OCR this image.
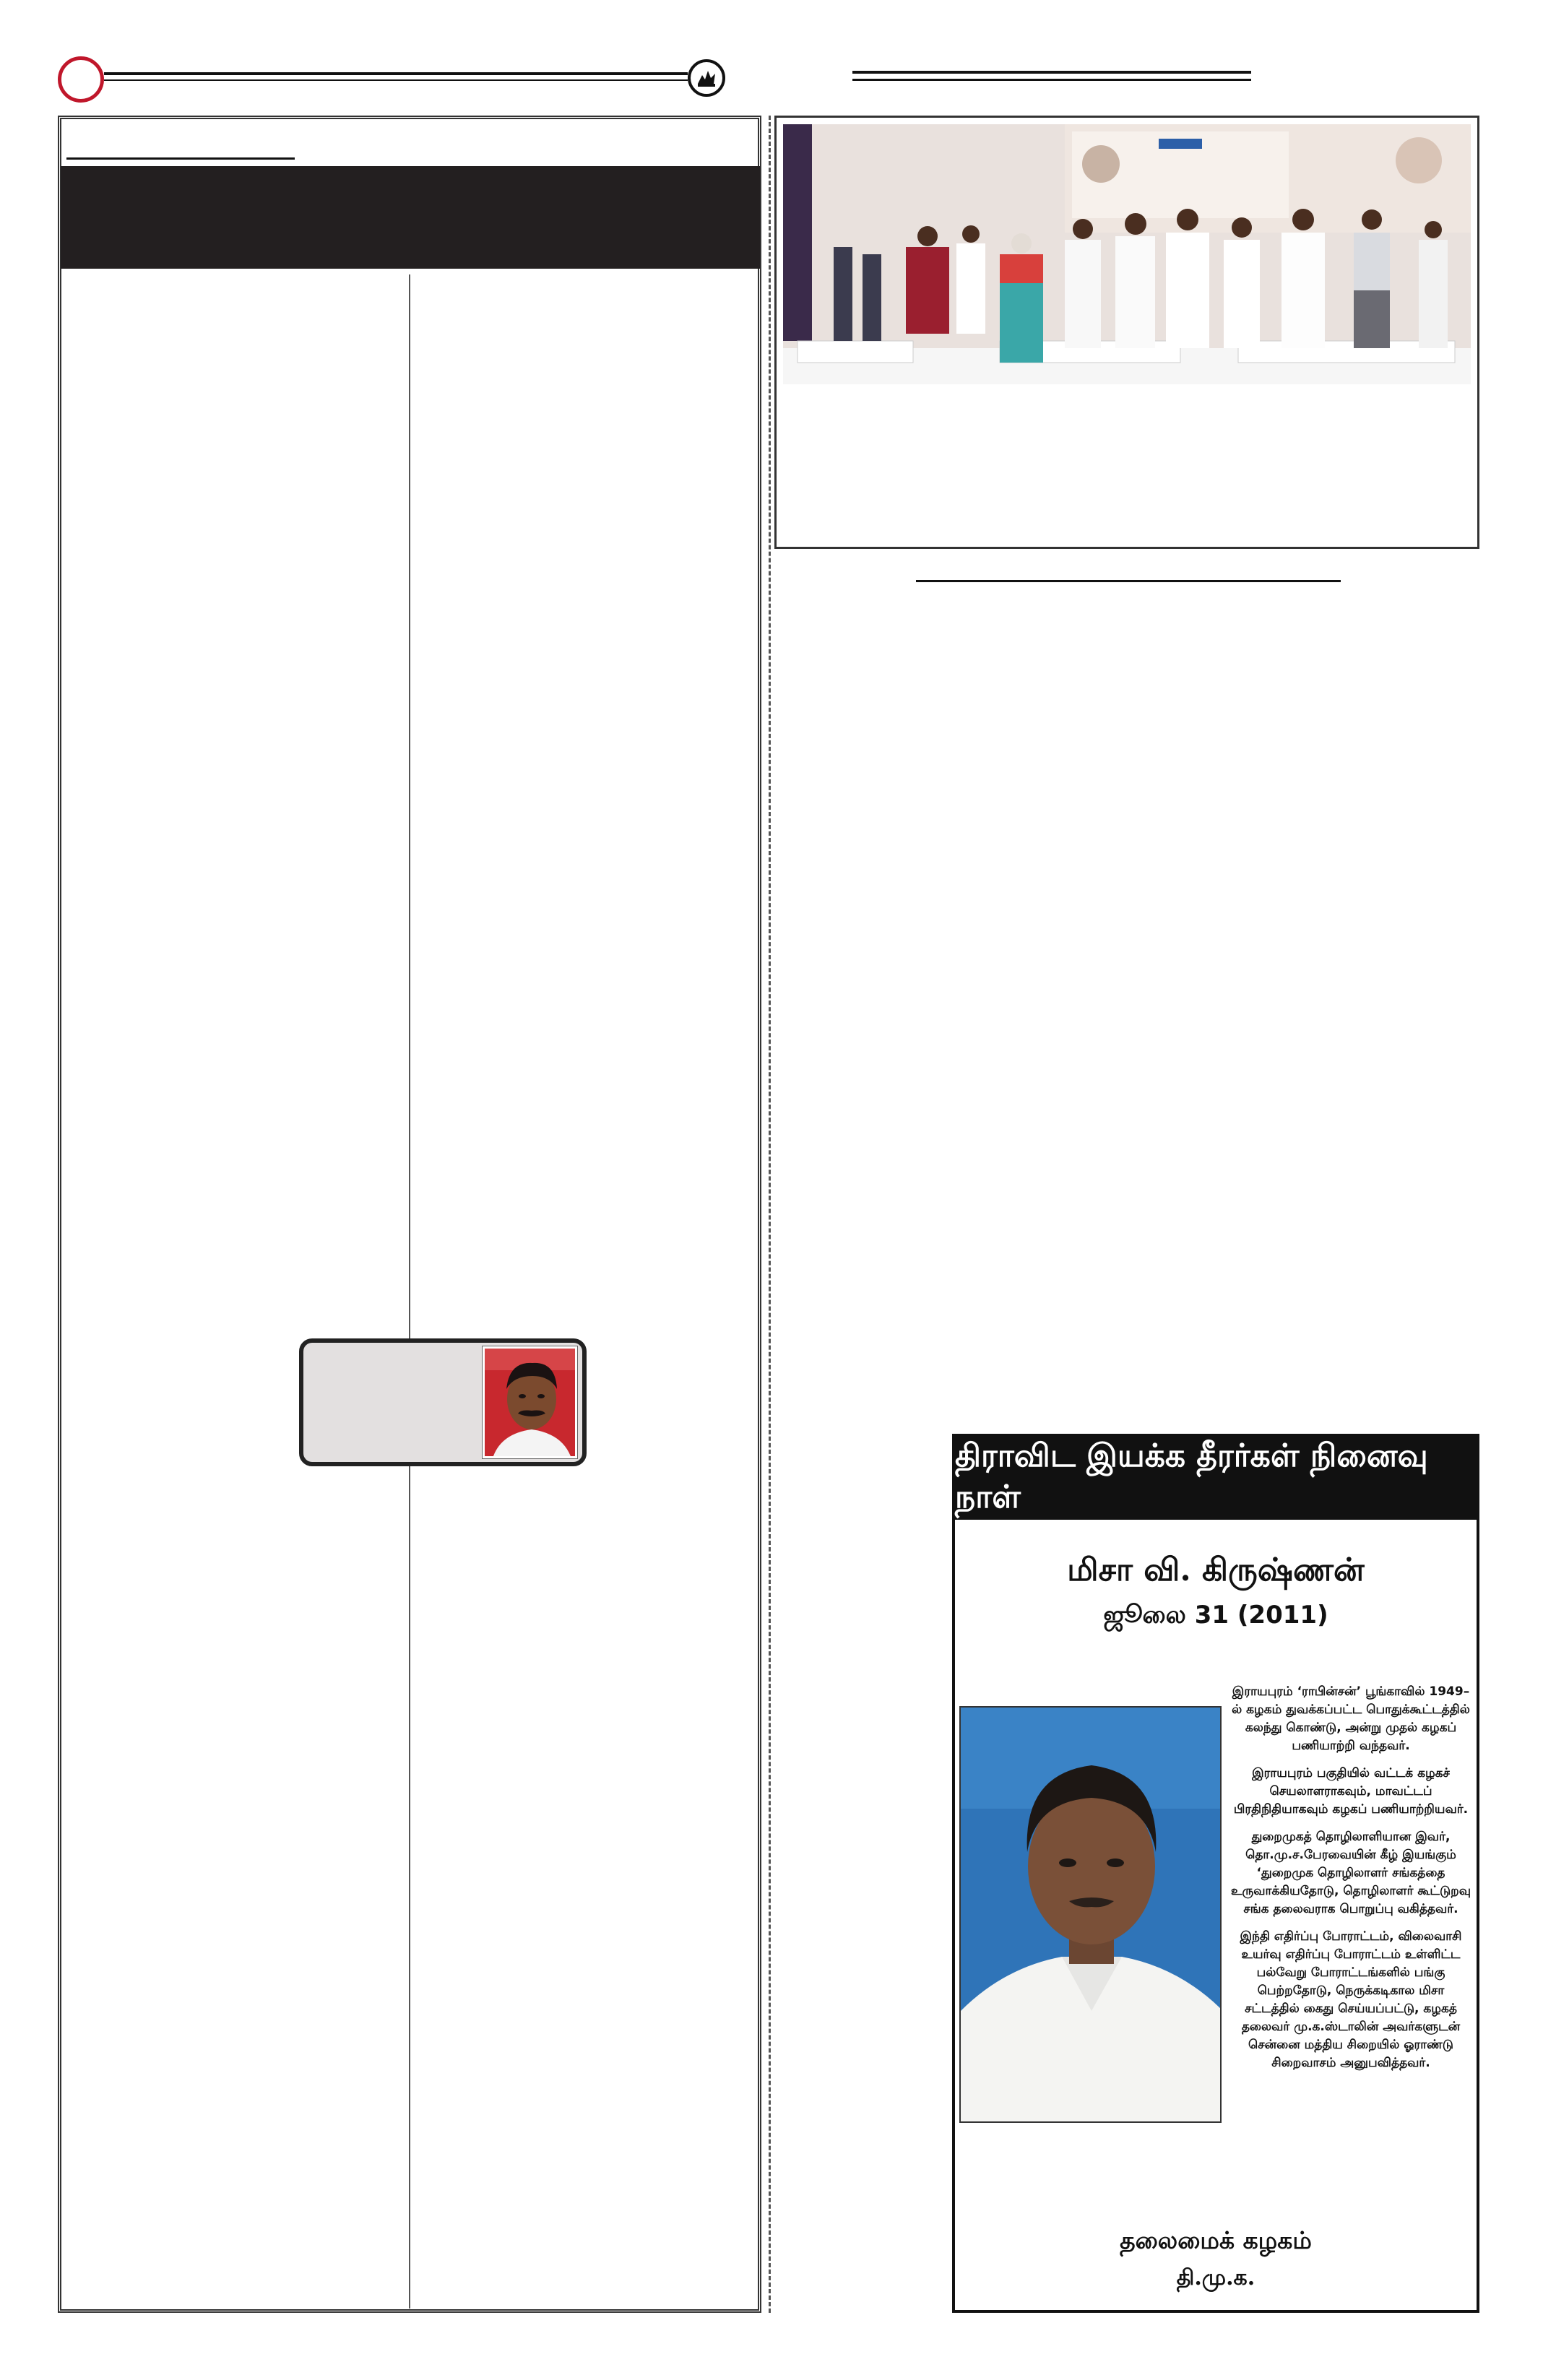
திராவிட இயக்க தீரர்கள் நினைவு நாள்
மிசா வி. கிருஷ்ணன்
ஜூலை 31 (2011)

இராயபுரம் ‘ராபின்சன்’ பூங்காவில் 1949–ல் கழகம் துவக்கப்பட்ட பொதுக்கூட்டத்தில் கலந்து கொண்டு, அன்று முதல் கழகப் பணியாற்றி வந்தவர்.

இராயபுரம் பகுதியில் வட்டக் கழகச் செயலாளராகவும், மாவட்டப் பிரதிநிதியாகவும் கழகப் பணியாற்றியவர்.

துறைமுகத் தொழிலாளியான இவர், தொ.மு.ச.பேரவையின் கீழ் இயங்கும் ‘துறைமுக தொழிலாளர் சங்கத்தை உருவாக்கியதோடு, தொழிலாளர் கூட்டுறவு சங்க தலைவராக பொறுப்பு வகித்தவர்.

இந்தி எதிர்ப்பு போராட்டம், விலைவாசி உயர்வு எதிர்ப்பு போராட்டம் உள்ளிட்ட பல்வேறு போராட்டங்களில் பங்கு பெற்றதோடு, நெருக்கடிகால மிசா சட்டத்தில் கைது செய்யப்பட்டு, கழகத் தலைவர் மு.க.ஸ்டாலின் அவர்களுடன் சென்னை மத்திய சிறையில் ஓராண்டு சிறைவாசம் அனுபவித்தவர்.

தலைமைக் கழகம்
தி.மு.க.
